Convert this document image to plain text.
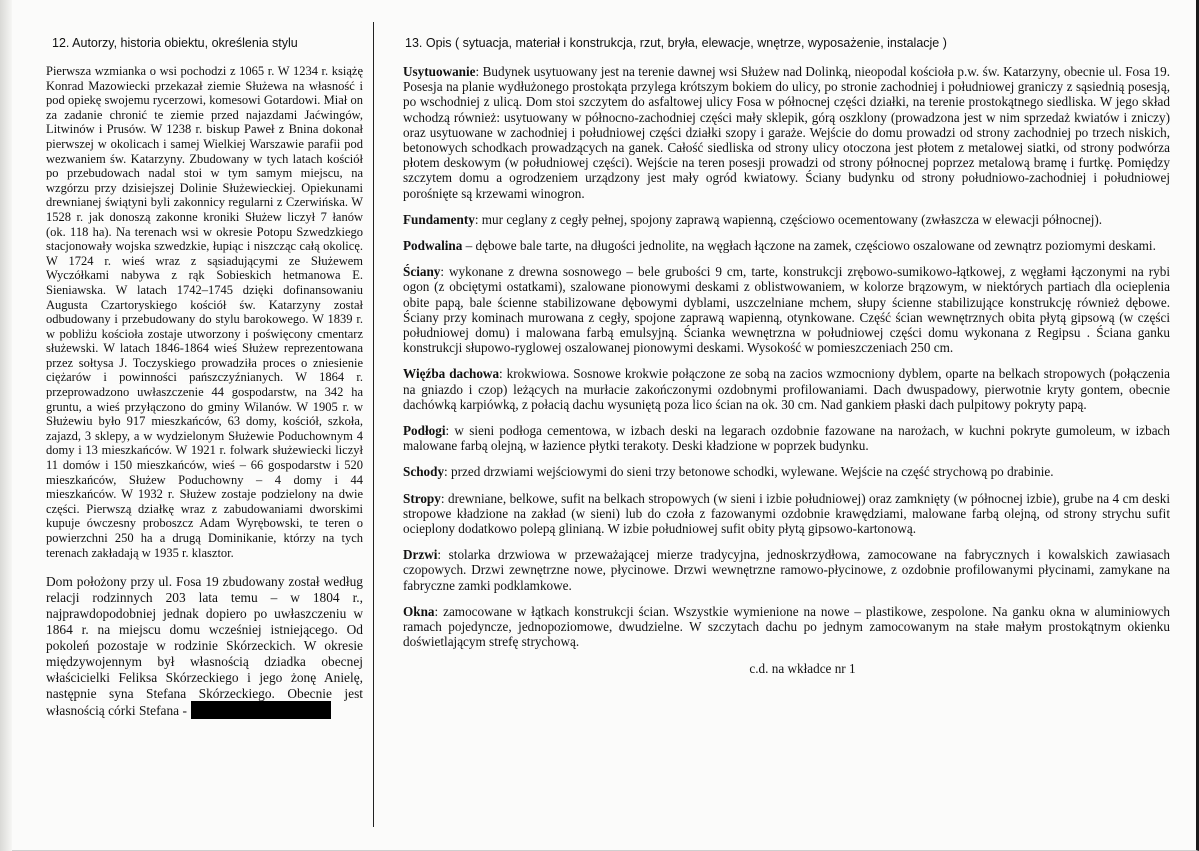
12. Autorzy, historia obiektu, określenia stylu

Pierwsza wzmianka o wsi pochodzi z 1065 r. W 1234 r. książę Konrad Mazowiecki przekazał ziemie Służewa na własność i pod opiekę swojemu rycerzowi, komesowi Gotardowi. Miał on za zadanie chronić te ziemie przed najazdami Jaćwingów, Litwinów i Prusów. W 1238 r. biskup Paweł z Bnina dokonał pierwszej w okolicach i samej Wielkiej Warszawie parafii pod wezwaniem św. Katarzyny. Zbudowany w tych latach kościół po przebudowach nadal stoi w tym samym miejscu, na wzgórzu przy dzisiejszej Dolinie Służewieckiej. Opiekunami drewnianej świątyni byli zakonnicy regularni z Czerwińska. W 1528 r. jak donoszą zakonne kroniki Służew liczył 7 łanów (ok. 118 ha). Na terenach wsi w okresie Potopu Szwedzkiego stacjonowały wojska szwedzkie, łupiąc i niszcząc całą okolicę. W 1724 r. wieś wraz z sąsiadującymi ze Służewem Wyczółkami nabywa z rąk Sobieskich hetmanowa E. Sieniawska. W latach 1742–1745 dzięki dofinansowaniu Augusta Czartoryskiego kościół św. Katarzyny został odbudowany i przebudowany do stylu barokowego. W 1839 r. w pobliżu kościoła zostaje utworzony i poświęcony cmentarz służewski. W latach 1846-1864 wieś Służew reprezentowana przez sołtysa J. Toczyskiego prowadziła proces o zniesienie ciężarów i powinności pańszczyźnianych. W 1864 r. przeprowadzono uwłaszczenie 44 gospodarstw, na 342 ha gruntu, a wieś przyłączono do gminy Wilanów. W 1905 r. w Służewiu było 917 mieszkańców, 63 domy, kościół, szkoła, zajazd, 3 sklepy, a w wydzielonym Służewie Poduchownym 4 domy i 13 mieszkańców. W 1921 r. folwark służewiecki liczył 11 domów i 150 mieszkańców, wieś – 66 gospodarstw i 520 mieszkańców, Służew Poduchowny – 4 domy i 44 mieszkańców. W 1932 r. Służew zostaje podzielony na dwie części. Pierwszą działkę wraz z zabudowaniami dworskimi kupuje ówczesny proboszcz Adam Wyrębowski, te teren o powierzchni 250 ha a drugą Dominikanie, którzy na tych terenach zakładają w 1935 r. klasztor.

Dom położony przy ul. Fosa 19 zbudowany został według relacji rodzinnych 203 lata temu – w 1804 r., najprawdopodobniej jednak dopiero po uwłaszczeniu w 1864 r. na miejscu domu wcześniej istniejącego. Od pokoleń pozostaje w rodzinie Skórzeckich. W okresie międzywojennym był własnością dziadka obecnej właścicielki Feliksa Skórzeckiego i jego żonę Anielę, następnie syna Stefana Skórzeckiego. Obecnie jest własnością córki Stefana -

13. Opis ( sytuacja, materiał i konstrukcja, rzut, bryła, elewacje, wnętrze, wyposażenie, instalacje )

Usytuowanie: Budynek usytuowany jest na terenie dawnej wsi Służew nad Dolinką, nieopodal kościoła p.w. św. Katarzyny, obecnie ul. Fosa 19. Posesja na planie wydłużonego prostokąta przylega krótszym bokiem do ulicy, po stronie zachodniej i południowej graniczy z sąsiednią posesją, po wschodniej z ulicą. Dom stoi szczytem do asfaltowej ulicy Fosa w północnej części działki, na terenie prostokątnego siedliska. W jego skład wchodzą również: usytuowany w północno-zachodniej części mały sklepik, górą oszklony (prowadzona jest w nim sprzedaż kwiatów i zniczy) oraz usytuowane w zachodniej i południowej części działki szopy i garaże. Wejście do domu prowadzi od strony zachodniej po trzech niskich, betonowych schodkach prowadzących na ganek. Całość siedliska od strony ulicy otoczona jest płotem z metalowej siatki, od strony podwórza płotem deskowym (w południowej części). Wejście na teren posesji prowadzi od strony północnej poprzez metalową bramę i furtkę. Pomiędzy szczytem domu a ogrodzeniem urządzony jest mały ogród kwiatowy. Ściany budynku od strony południowo-zachodniej i południowej porośnięte są krzewami winogron.

Fundamenty: mur ceglany z cegły pełnej, spojony zaprawą wapienną, częściowo ocementowany (zwłaszcza w elewacji północnej).

Podwalina – dębowe bale tarte, na długości jednolite, na węgłach łączone na zamek, częściowo oszalowane od zewnątrz poziomymi deskami.

Ściany: wykonane z drewna sosnowego – bele grubości 9 cm, tarte, konstrukcji zrębowo-sumikowo-łątkowej, z węgłami łączonymi na rybi ogon (z obciętymi ostatkami), szalowane pionowymi deskami z oblistwowaniem, w kolorze brązowym, w niektórych partiach dla ocieplenia obite papą, bale ścienne stabilizowane dębowymi dyblami, uszczelniane mchem, słupy ścienne stabilizujące konstrukcję również dębowe. Ściany przy kominach murowana z cegły, spojone zaprawą wapienną, otynkowane. Część ścian wewnętrznych obita płytą gipsową (w części południowej domu) i malowana farbą emulsyjną. Ścianka wewnętrzna w południowej części domu wykonana z Regipsu . Ściana ganku konstrukcji słupowo-ryglowej oszalowanej pionowymi deskami. Wysokość w pomieszczeniach 250 cm.

Więźba dachowa: krokwiowa. Sosnowe krokwie połączone ze sobą na zacios wzmocniony dyblem, oparte na belkach stropowych (połączenia na gniazdo i czop) leżących na murłacie zakończonymi ozdobnymi profilowaniami. Dach dwuspadowy, pierwotnie kryty gontem, obecnie dachówką karpiówką, z połacią dachu wysuniętą poza lico ścian na ok. 30 cm. Nad gankiem płaski dach pulpitowy pokryty papą.

Podłogi: w sieni podłoga cementowa, w izbach deski na legarach ozdobnie fazowane na narożach, w kuchni pokryte gumoleum, w izbach malowane farbą olejną, w łazience płytki terakoty. Deski kładzione w poprzek budynku.

Schody: przed drzwiami wejściowymi do sieni trzy betonowe schodki, wylewane. Wejście na część strychową po drabinie.

Stropy: drewniane, belkowe, sufit na belkach stropowych (w sieni i izbie południowej) oraz zamknięty (w północnej izbie), grube na 4 cm deski stropowe kładzione na zakład (w sieni) lub do czoła z fazowanymi ozdobnie krawędziami, malowane farbą olejną, od strony strychu sufit ocieplony dodatkowo polepą glinianą. W izbie południowej sufit obity płytą gipsowo-kartonową.

Drzwi: stolarka drzwiowa w przeważającej mierze tradycyjna, jednoskrzydłowa, zamocowane na fabrycznych i kowalskich zawiasach czopowych. Drzwi zewnętrzne nowe, płycinowe. Drzwi wewnętrzne ramowo-płycinowe, z ozdobnie profilowanymi płycinami, zamykane na fabryczne zamki podklamkowe.

Okna: zamocowane w łątkach konstrukcji ścian. Wszystkie wymienione na nowe – plastikowe, zespolone. Na ganku okna w aluminiowych ramach pojedyncze, jednopoziomowe, dwudzielne. W szczytach dachu po jednym zamocowanym na stałe małym prostokątnym okienku doświetlającym strefę strychową.

c.d. na wkładce nr 1
